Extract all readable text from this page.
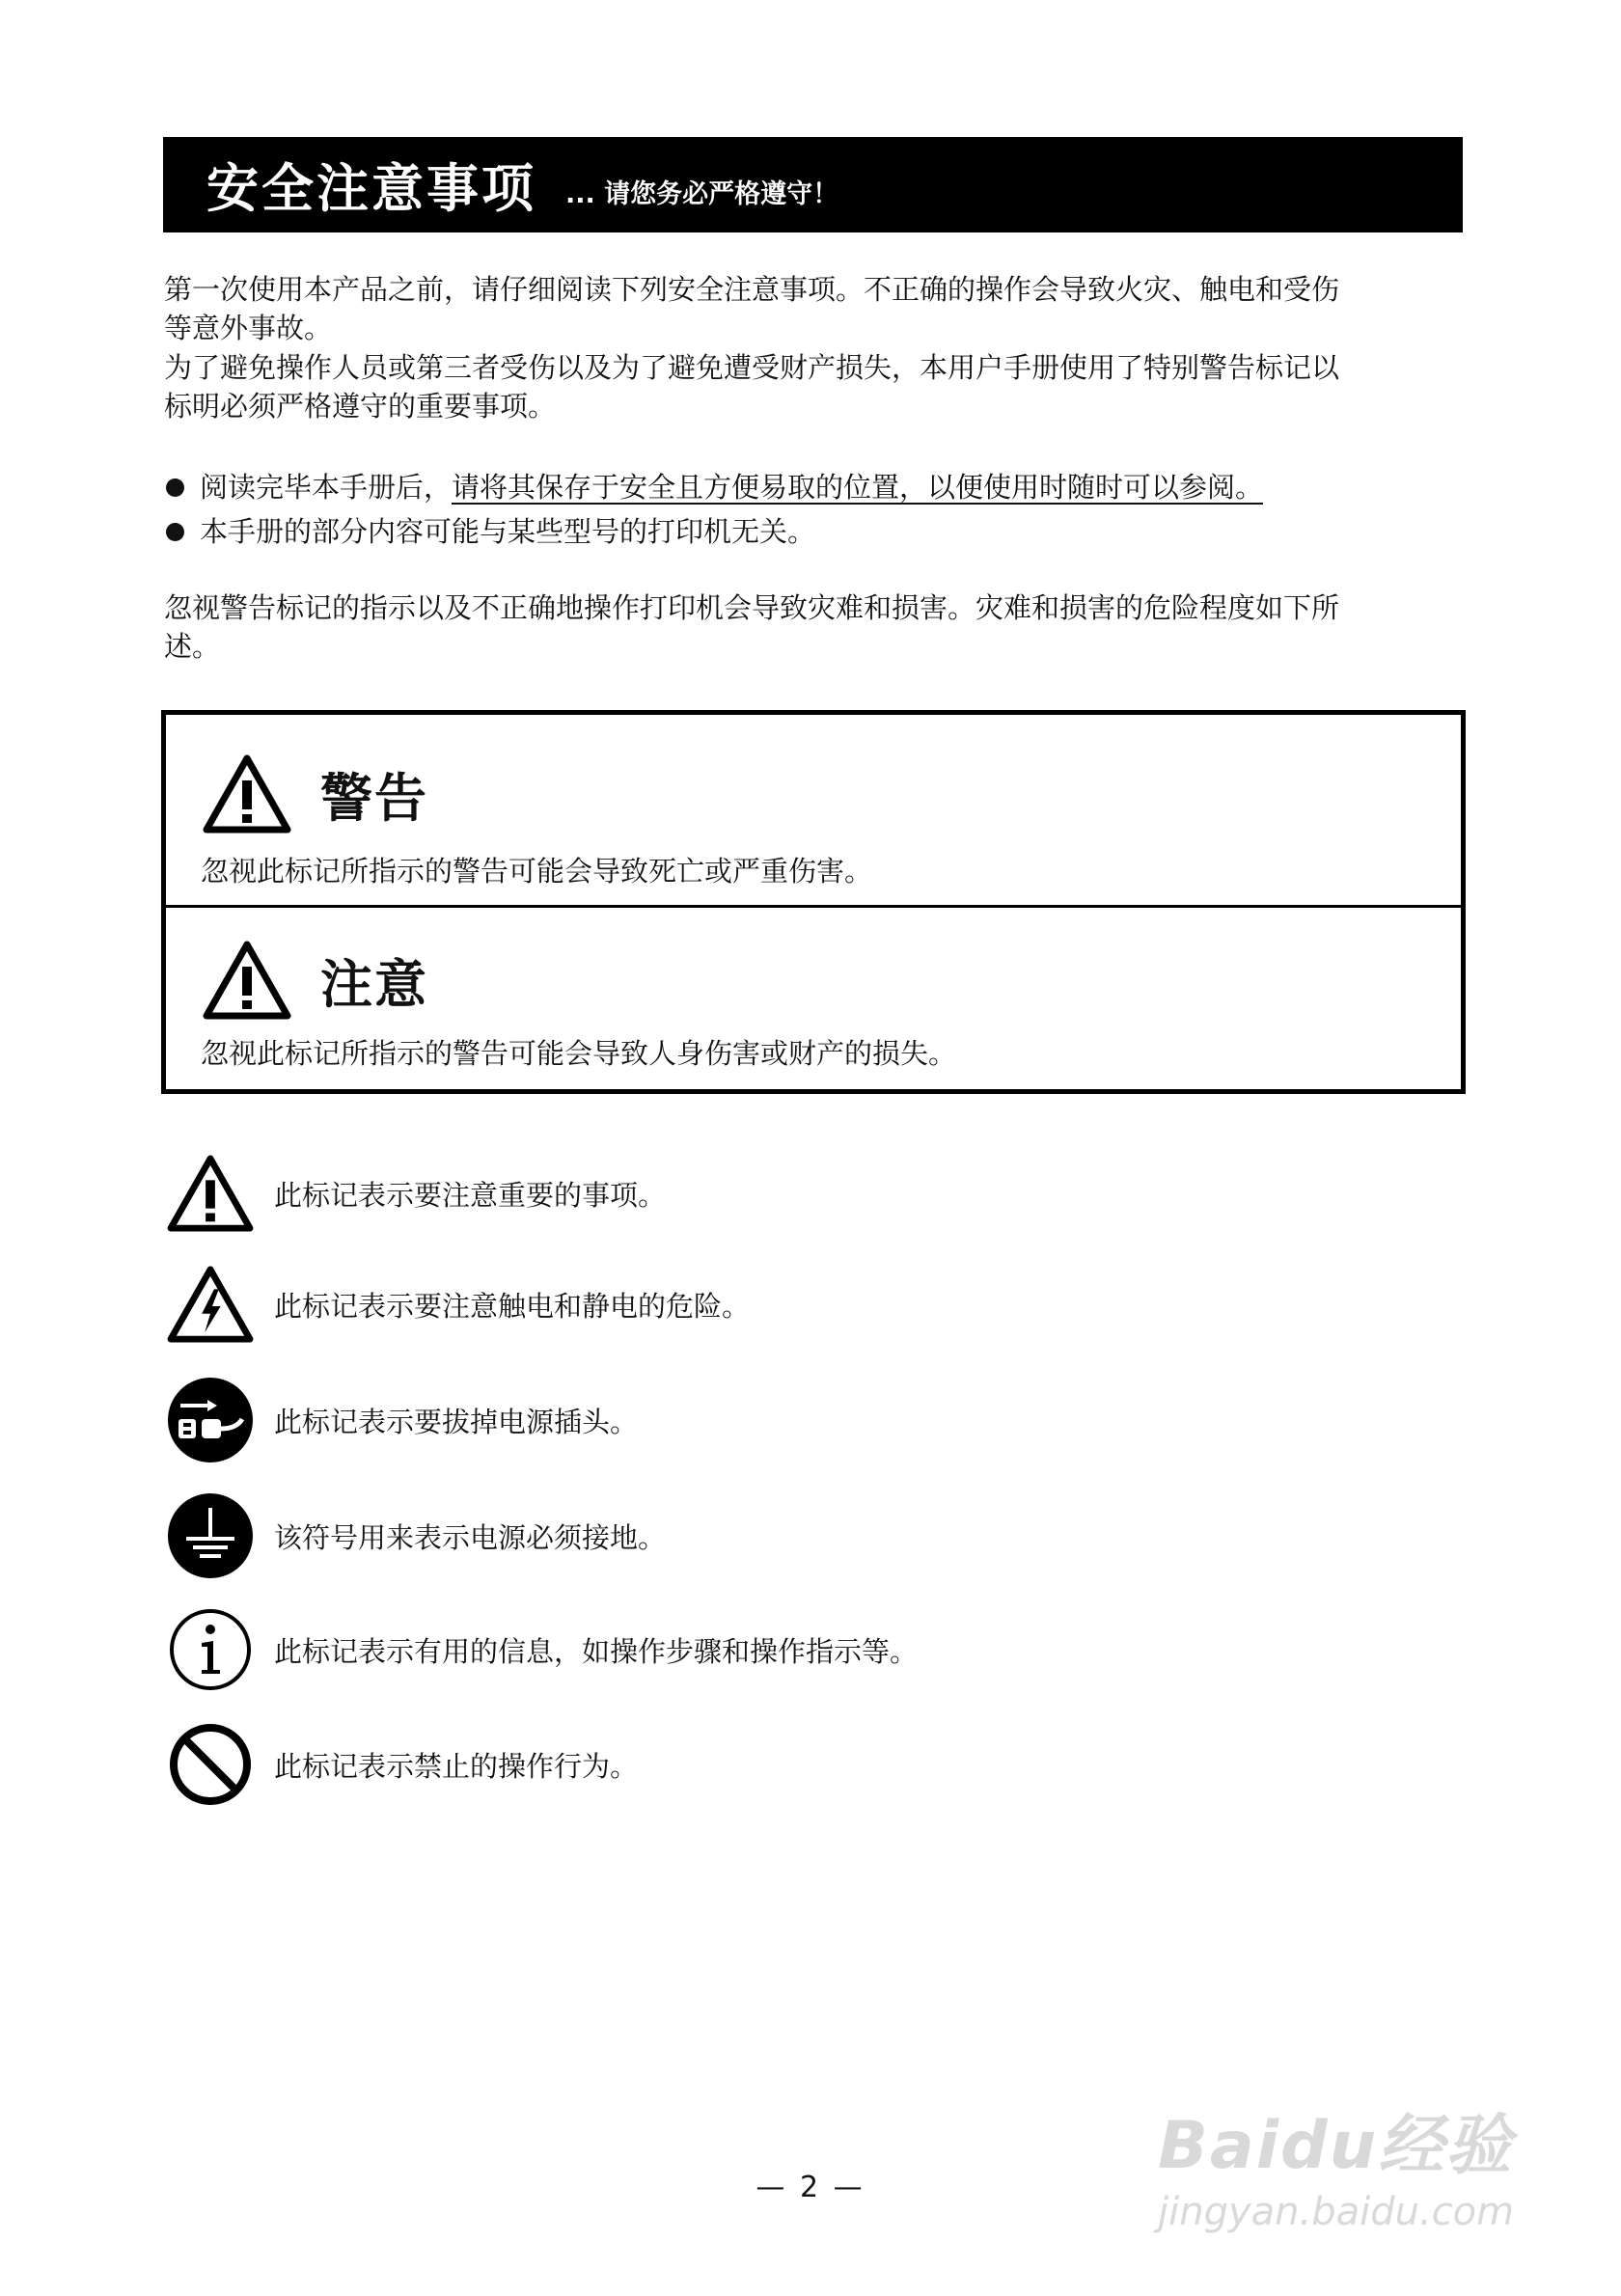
安全注意事项 ... 请您务必严格遵守！

第一次使用本产品之前，请仔细阅读下列安全注意事项。不正确的操作会导致火灾、触电和受伤
等意外事故。

为了避免操作人员或第三者受伤以及为了避免遭受财产损失，本用户手册使用了特别警告标记以
标明必须严格遵守的重要事项。

阅读完毕本手册后， 请将其保存于安全且方便易取的位置，以便使用时随时可以参阅。
本手册的部分内容可能与某些型号的打印机无关。

忽视警告标记的指示以及不正确地操作打印机会导致灾难和损害。灾难和损害的危险程度如下所
述。

警告
忽视此标记所指示的警告可能会导致死亡或严重伤害。
注意
忽视此标记所指示的警告可能会导致人身伤害或财产的损失。
此标记表示要注意重要的事项。
此标记表示要注意触电和静电的危险。
此标记表示要拔掉电源插头。
该符号用来表示电源必须接地。
此标记表示有用的信息，如操作步骤和操作指示等。
此标记表示禁止的操作行为。
— 2 —
Baidu经验
jingyan.baidu.com
